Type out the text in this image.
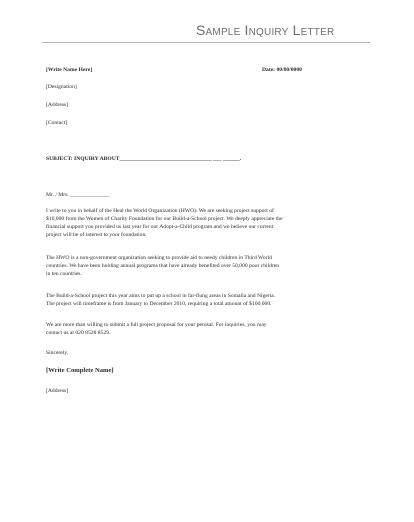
Sample Inquiry Letter
[Write Name Here]	Date: 00/00/0000
[Designation]
[Address]
[Contact]
SUBJECT: INQUIRY ABOUT_________________________________ ___ ______.
Mr. / Mrs. ______________
I write to you in behalf of the Heal the World Organization (HWO). We are seeking project support of
$10,000 from the Women of Charity Foundation for our Build-a-School project. We deeply appreciate the
financial support you provided us last year for our Adopt-a-Child program and we believe our current
project will be of interest to your foundation.
The HWO is a non-government organization seeking to provide aid to needy children in Third World
countries. We have been holding annual programs that have already benefited over 50,000 poor children
in ten countries.
The Build-a-School project this year aims to put up a school in far-flung areas in Somalia and Nigeria.
The project will timeframe is from January to December 2010, requiring a total amount of $100,000.
We are more than willing to submit a full project proposal for your perusal. For inquiries, you may
contact us at 020 8528 8529.
Sincerely,
[Write Complete Name]
[Address]
